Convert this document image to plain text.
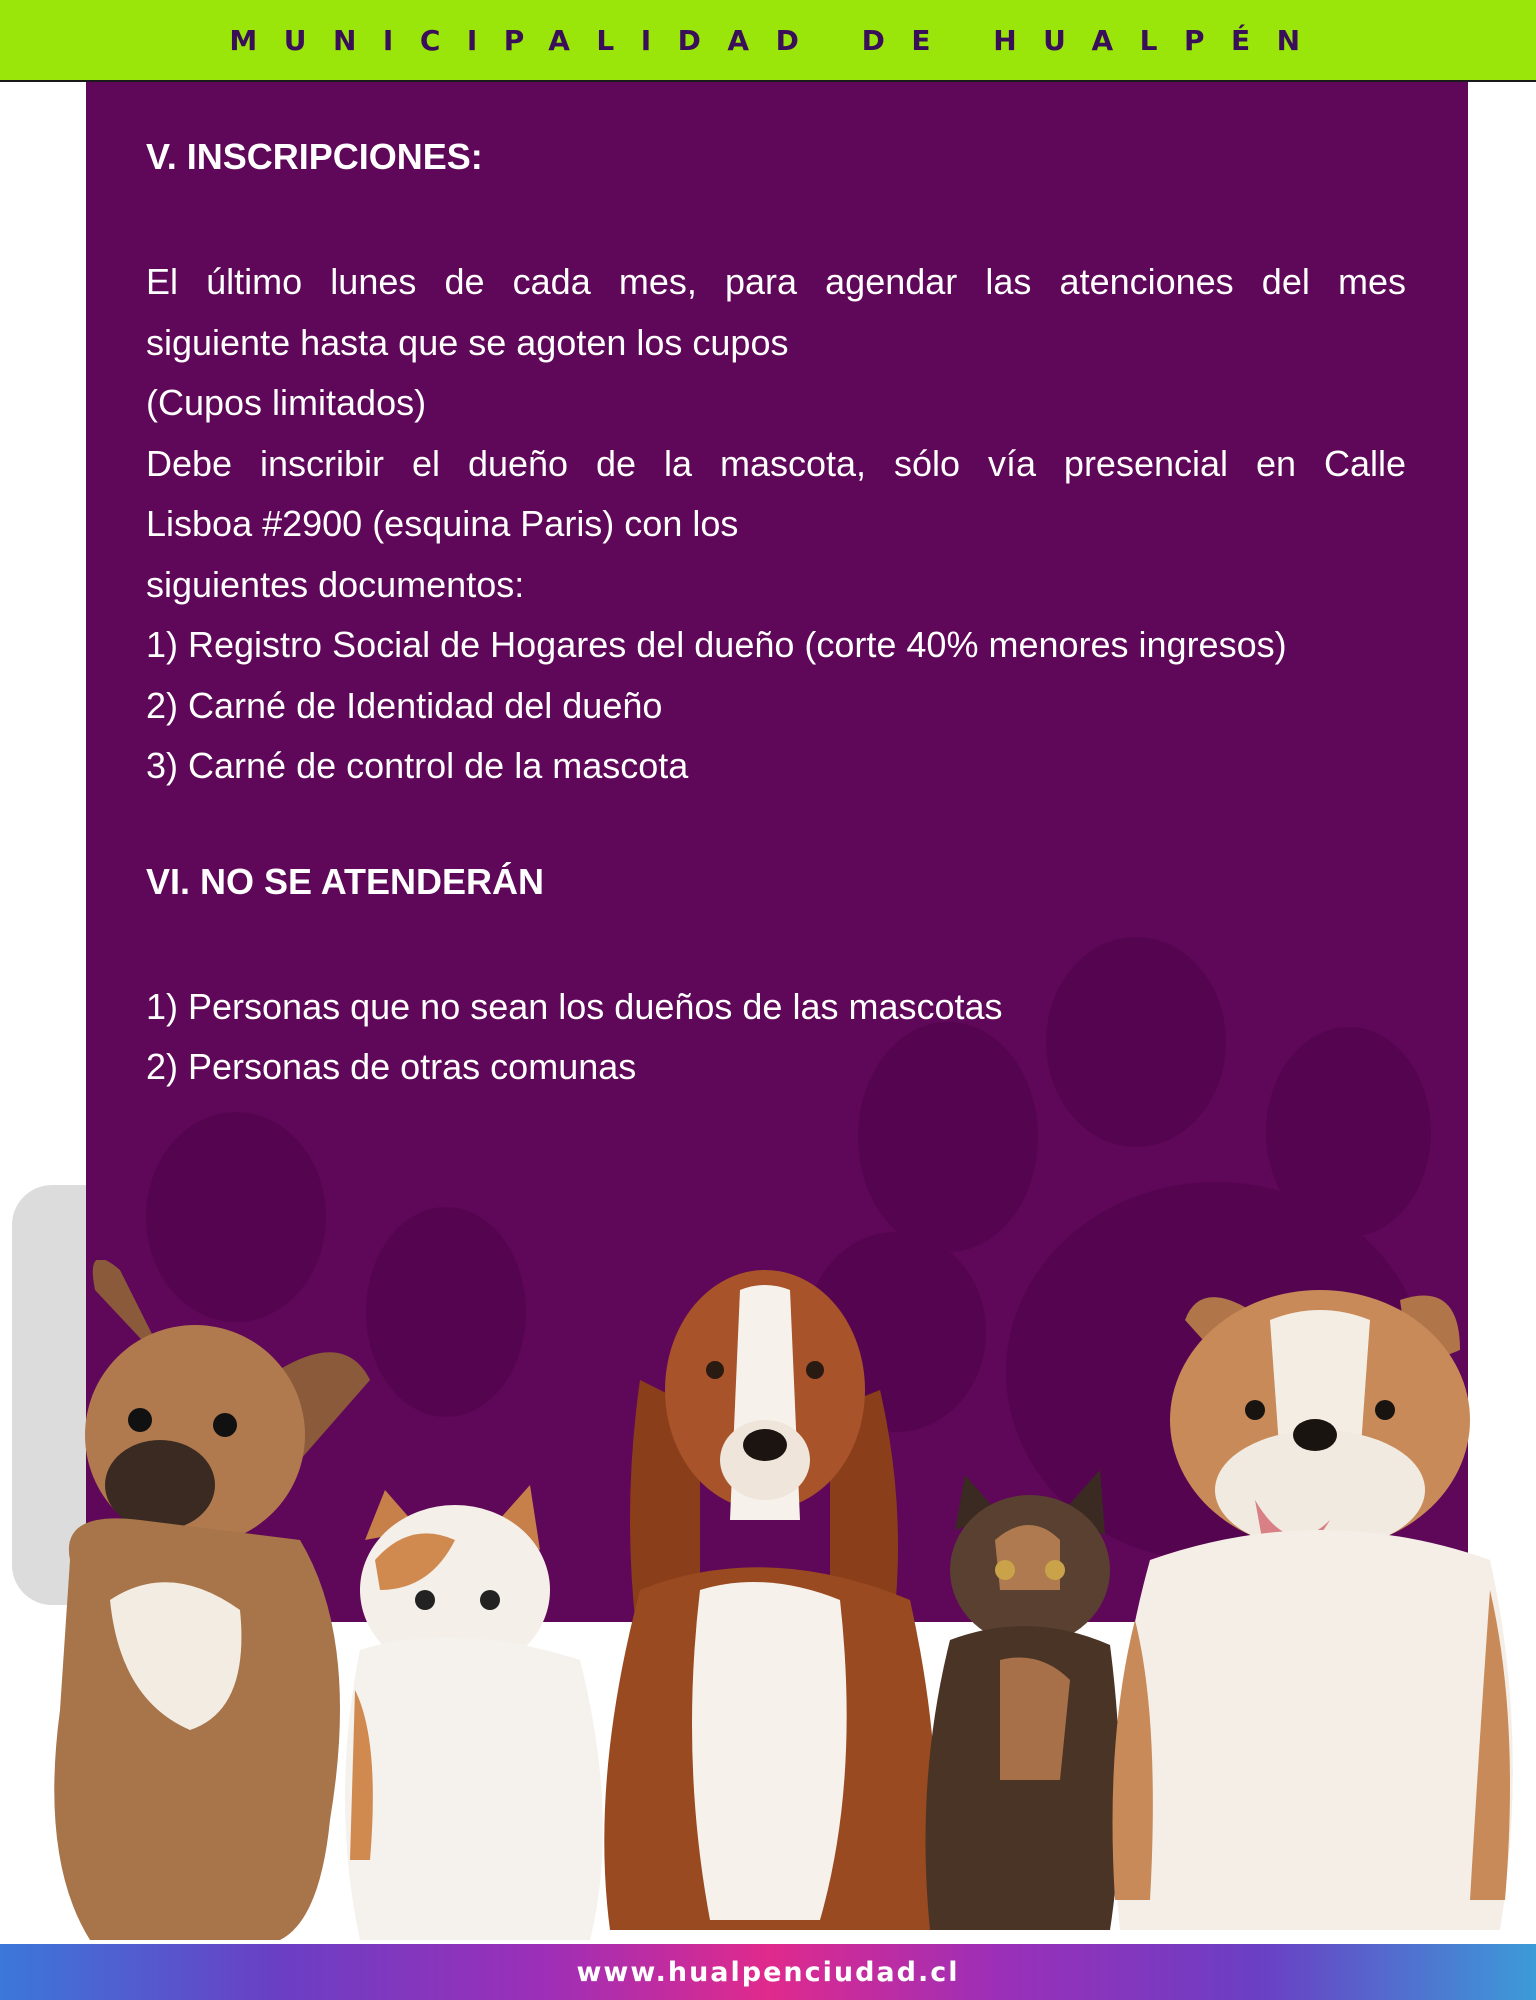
MUNICIPALIDAD DE HUALPÉN

V. INSCRIPCIONES:

El último lunes de cada mes, para agendar las atenciones del mes

siguiente hasta que se agoten los cupos

(Cupos limitados)

Debe inscribir el dueño de la mascota, sólo vía presencial en Calle

Lisboa #2900 (esquina Paris) con los

siguientes documentos:

1) Registro Social de Hogares del dueño (corte 40% menores ingresos)

2) Carné de Identidad del dueño

3) Carné de control de la mascota

VI. NO SE ATENDERÁN

1) Personas que no sean los dueños de las mascotas

2) Personas de otras comunas

www.hualpenciudad.cl
